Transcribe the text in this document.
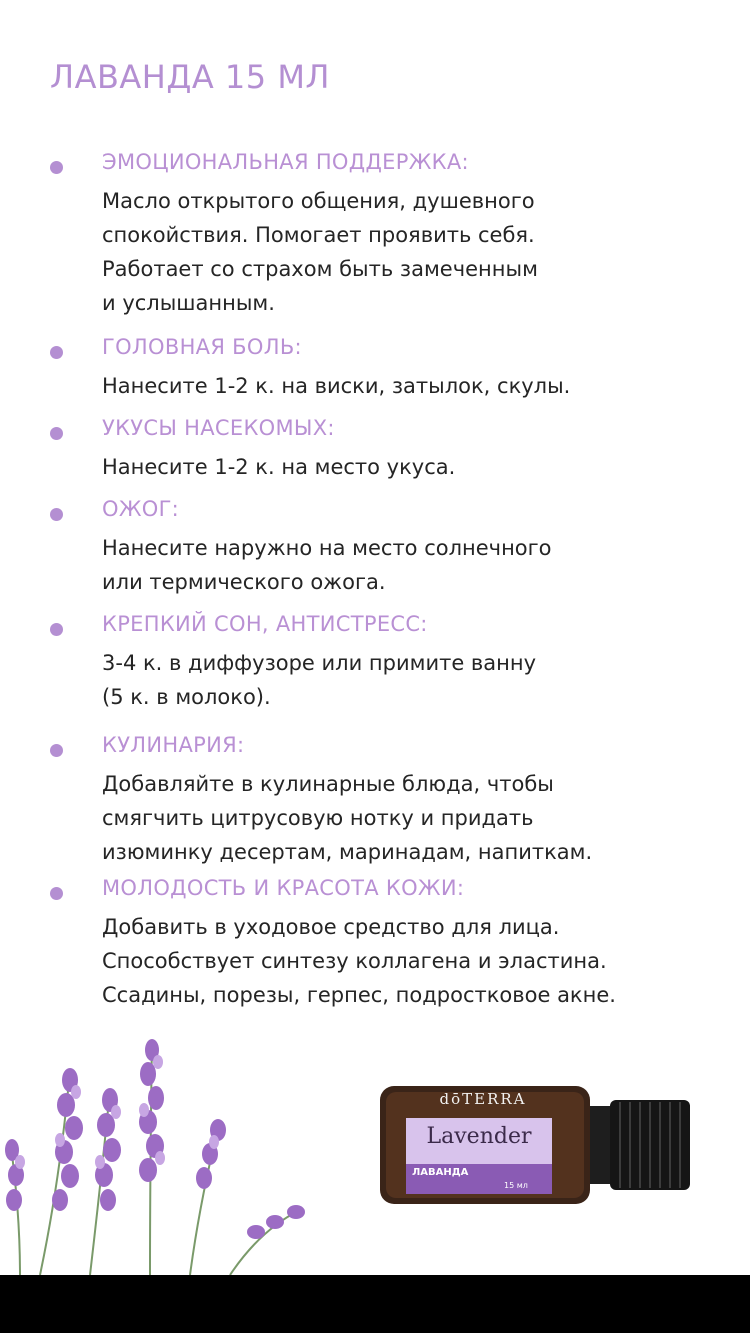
ЛАВАНДА 15 МЛ
ЭМОЦИОНАЛЬНАЯ ПОДДЕРЖКА:
Масло открытого общения, душевного
спокойствия. Помогает проявить себя.
Работает со страхом быть замеченным
и услышанным.
ГОЛОВНАЯ БОЛЬ:
Нанесите 1-2 к. на виски, затылок, скулы.
УКУСЫ НАСЕКОМЫХ:
Нанесите 1-2 к. на место укуса.
ОЖОГ:
Нанесите наружно на место солнечного
или термического ожога.
КРЕПКИЙ СОН, АНТИСТРЕСС:
3-4 к. в диффузоре или примите ванну
(5 к. в молоко).
КУЛИНАРИЯ:
Добавляйте в кулинарные блюда, чтобы
смягчить цитрусовую нотку и придать
изюминку десертам, маринадам, напиткам.
МОЛОДОСТЬ И КРАСОТА КОЖИ:
Добавить в уходовое средство для лица.
Способствует синтезу коллагена и эластина.
Ссадины, порезы, герпес, подростковое акне.
dōTERRA
Lavender
ЛАВАНДА
15 мл
